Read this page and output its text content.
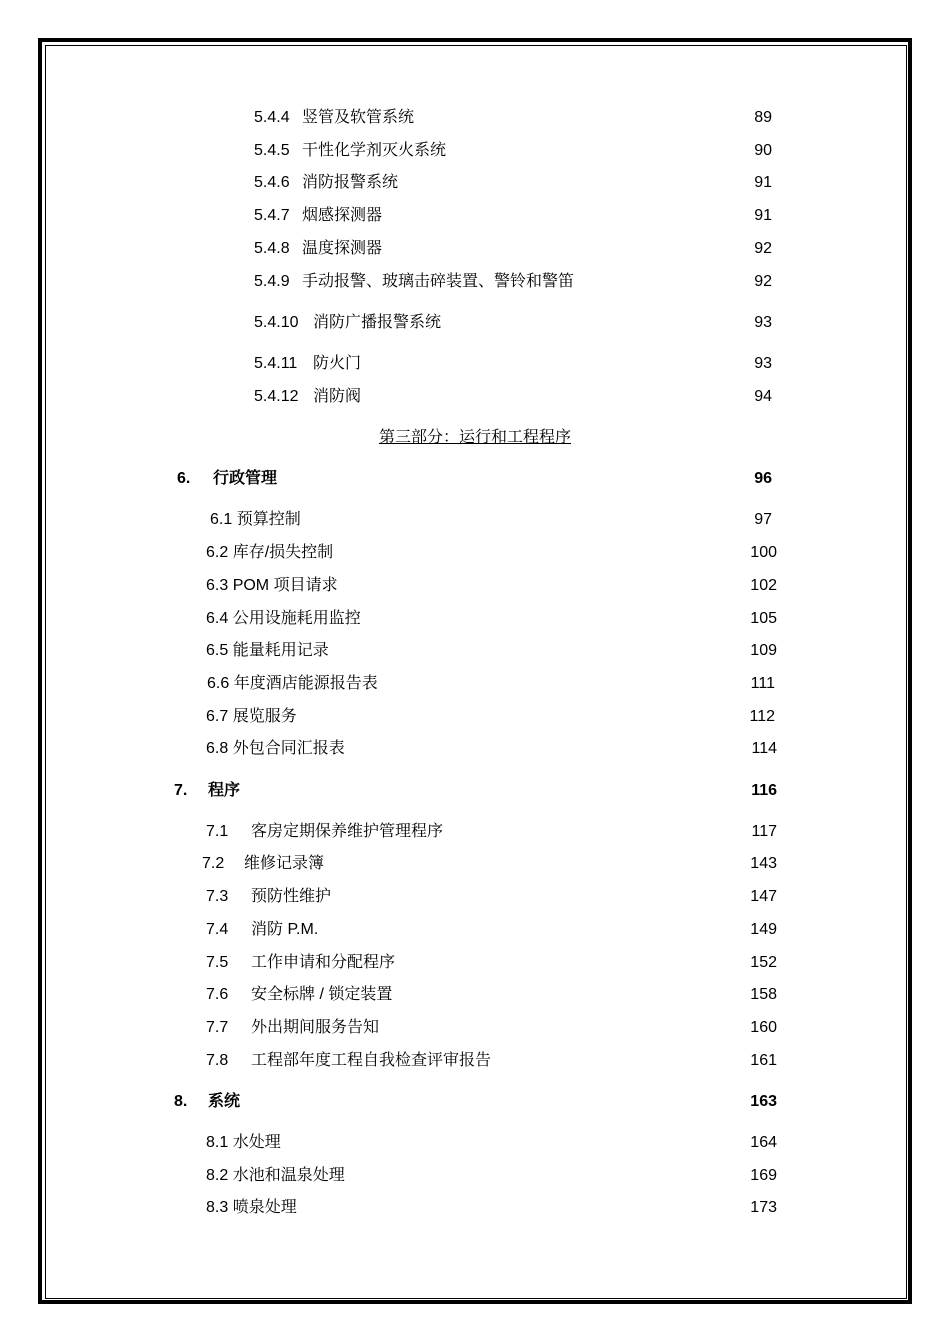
5.4.4 竖管及软管系统	89
5.4.5 干性化学剂灭火系统	90
5.4.6 消防报警系统	91
5.4.7 烟感探测器	91
5.4.8 温度探测器	92
5.4.9 手动报警、玻璃击碎装置、警铃和警笛	92
5.4.10 消防广播报警系统	93
5.4.11 防火门	93
5.4.12 消防阀	94
第三部分：运行和工程程序
6. 行政管理	96
6.1 预算控制	97
6.2 库存/损失控制	100
6.3 POM 项目请求	102
6.4 公用设施耗用监控	105
6.5 能量耗用记录	109
6.6 年度酒店能源报告表	111
6.7 展览服务	112
6.8 外包合同汇报表	114
7. 程序	116
7.1 客房定期保养维护管理程序	117
7.2 维修记录簿	143
7.3 预防性维护	147
7.4 消防 P.M.	149
7.5 工作申请和分配程序	152
7.6 安全标牌 / 锁定装置	158
7.7 外出期间服务告知	160
7.8 工程部年度工程自我检查评审报告	161
8. 系统	163
8.1 水处理	164
8.2 水池和温泉处理	169
8.3 喷泉处理	173
